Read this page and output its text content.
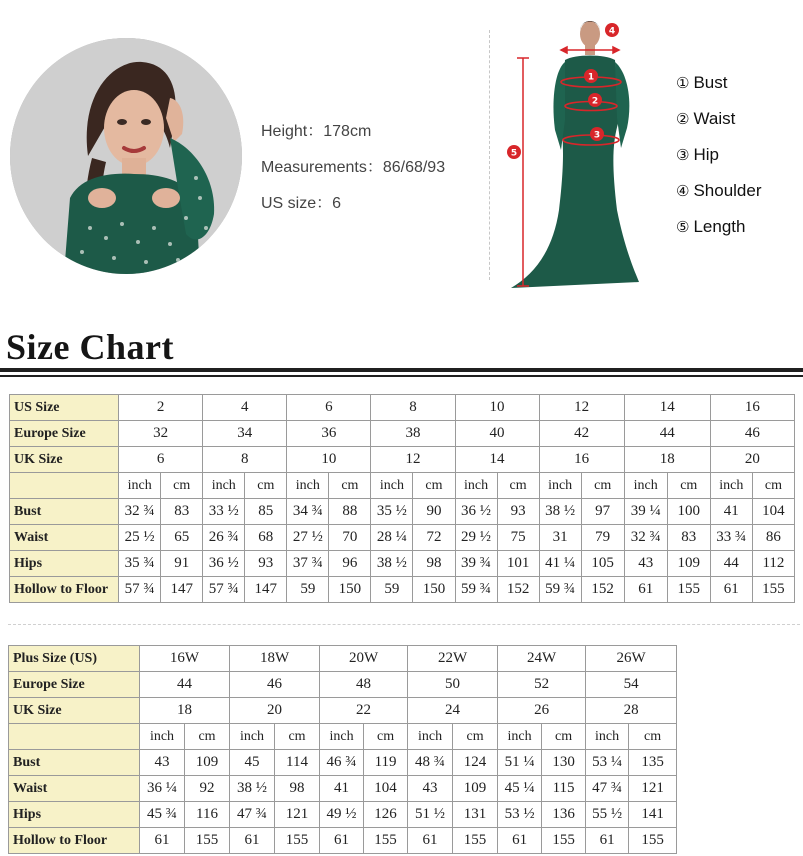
Height：178cm
Measurements：86/68/93
US size：6
1
2
3
4
5
① Bust
② Waist
③ Hip
④ Shoulder
⑤ Length
Size Chart
US Size	2		4		6		8		10		12		14		16	
Europe Size	32		34		36		38		40		42		44		46	
UK Size	6		8		10		12		14		16		18		20	
	inch	cm	inch	cm	inch	cm	inch	cm	inch	cm	inch	cm	inch	cm	inch	cm
Bust	32 ¾	83	33 ½	85	34 ¾	88	35 ½	90	36 ½	93	38 ½	97	39 ¼	100	41	104
Waist	25 ½	65	26 ¾	68	27 ½	70	28 ¼	72	29 ½	75	31	79	32 ¾	83	33 ¾	86
Hips	35 ¾	91	36 ½	93	37 ¾	96	38 ½	98	39 ¾	101	41 ¼	105	43	109	44	112
Hollow to Floor	57 ¾	147	57 ¾	147	59	150	59	150	59 ¾	152	59 ¾	152	61	155	61	155
Plus Size (US)	16W		18W		20W		22W		24W		26W	
Europe Size	44		46		48		50		52		54	
UK Size	18		20		22		24		26		28	
	inch	cm	inch	cm	inch	cm	inch	cm	inch	cm	inch	cm
Bust	43	109	45	114	46 ¾	119	48 ¾	124	51 ¼	130	53 ¼	135
Waist	36 ¼	92	38 ½	98	41	104	43	109	45 ¼	115	47 ¾	121
Hips	45 ¾	116	47 ¾	121	49 ½	126	51 ½	131	53 ½	136	55 ½	141
Hollow to Floor	61	155	61	155	61	155	61	155	61	155	61	155
